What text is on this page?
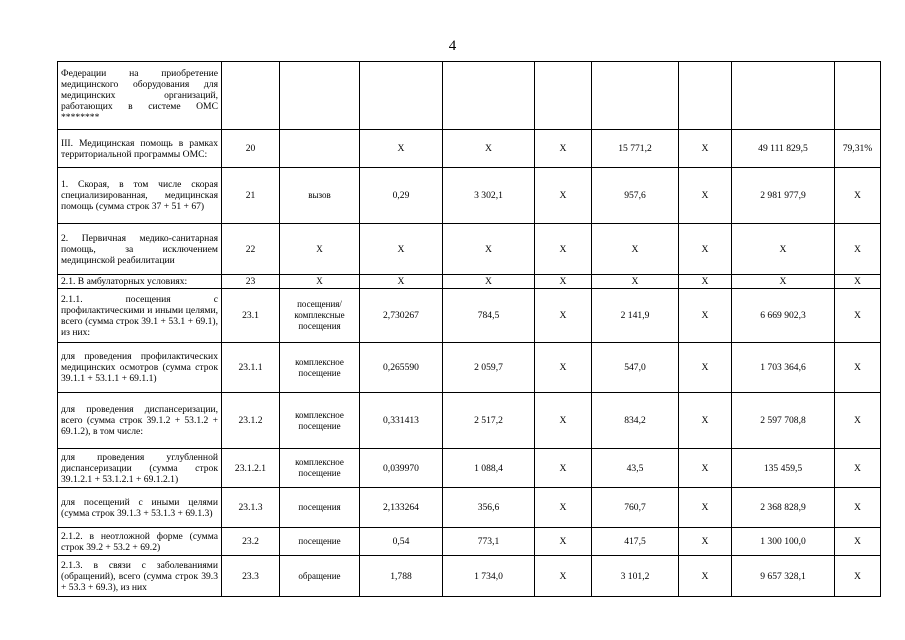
4
Федерации на приобретение медицинского оборудования для медицинских организаций, работающих в системе ОМС ********									
III. Медицинская помощь в рамках территориальной программы ОМС:	20		X	X	X	15 771,2	X	49 111 829,5	79,31%
1. Скорая, в том числе скорая специализированная, медицинская помощь (сумма строк 37 + 51 + 67)	21	вызов	0,29	3 302,1	X	957,6	X	2 981 977,9	X
2. Первичная медико-санитарная помощь, за исключением медицинской реабилитации	22	X	X	X	X	X	X	X	X
2.1. В амбулаторных условиях:	23	X	X	X	X	X	X	X	X
2.1.1. посещения с профилактическими и иными целями, всего (сумма строк 39.1 + 53.1 + 69.1), из них:	23.1	посещения/комплексные посещения	2,730267	784,5	X	2 141,9	X	6 669 902,3	X
для проведения профилактических медицинских осмотров (сумма строк 39.1.1 + 53.1.1 + 69.1.1)	23.1.1	комплексное посещение	0,265590	2 059,7	X	547,0	X	1 703 364,6	X
для проведения диспансеризации, всего (сумма строк 39.1.2 + 53.1.2 + 69.1.2), в том числе:	23.1.2	комплексное посещение	0,331413	2 517,2	X	834,2	X	2 597 708,8	X
для проведения углубленной диспансеризации (сумма строк 39.1.2.1 + 53.1.2.1 + 69.1.2.1)	23.1.2.1	комплексное посещение	0,039970	1 088,4	X	43,5	X	135 459,5	X
для посещений с иными целями (сумма строк 39.1.3 + 53.1.3 + 69.1.3)	23.1.3	посещения	2,133264	356,6	X	760,7	X	2 368 828,9	X
2.1.2. в неотложной форме (сумма строк 39.2 + 53.2 + 69.2)	23.2	посещение	0,54	773,1	X	417,5	X	1 300 100,0	X
2.1.3. в связи с заболеваниями (обращений), всего (сумма строк 39.3 + 53.3 + 69.3), из них	23.3	обращение	1,788	1 734,0	X	3 101,2	X	9 657 328,1	X
